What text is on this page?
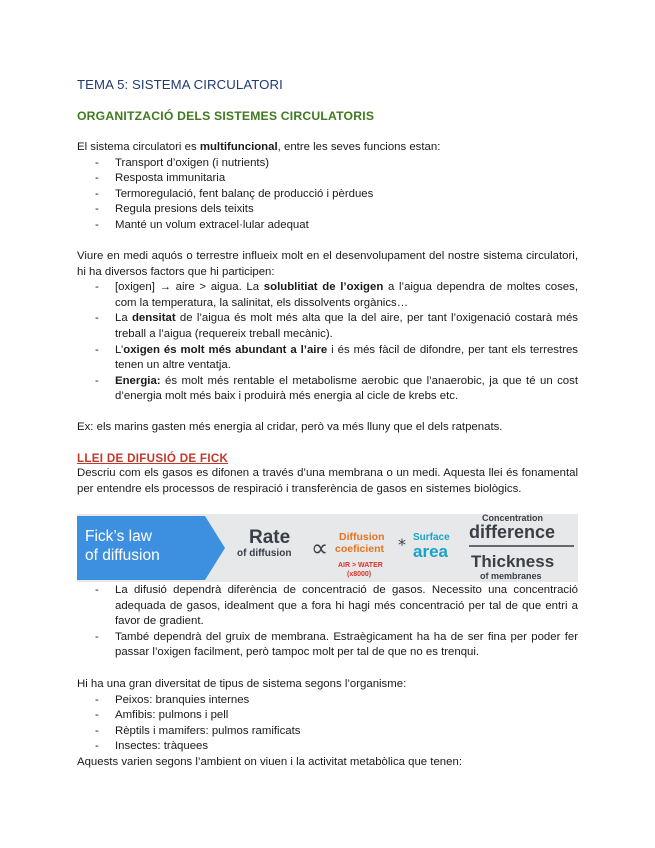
TEMA 5: SISTEMA CIRCULATORI
ORGANITZACIÓ DELS SISTEMES CIRCULATORIS

El sistema circulatori es multifuncional, entre les seves funcions estan:

- Transport d’oxigen (i nutrients)
- Resposta immunitaria
- Termoregulació, fent balanç de producció i pèrdues
- Regula presions dels teixits
- Manté un volum extracel·lular adequat

Viure en medi aquós o terrestre influeix molt en el desenvolupament del nostre sistema circulatori, hi ha diversos factors que hi participen:

- [oxigen] → aire > aigua. La solublitiat de l’oxigen a l’aigua dependra de moltes coses, com la temperatura, la salinitat, els dissolvents orgànics…
- La densitat de l’aigua és molt més alta que la del aire, per tant l’oxigenació costarà més treball a l’aigua (requereix treball mecànic).
- L’oxigen és molt més abundant a l’aire i és més fàcil de difondre, per tant els terrestres tenen un altre ventatja.
- Energia: és molt més rentable el metabolisme aerobic que l’anaerobic, ja que té un cost d’energia molt més baix i produirà més energia al cicle de krebs etc.
Ex: els marins gasten més energia al cridar, però va més lluny que el dels ratpenats.
LLEI DE DIFUSIÓ DE FICK

Descriu com els gasos es difonen a través d’una membrana o un medi. Aquesta llei és fonamental per entendre els processos de respiració i transferència de gasos en sistemes biològics.

Fick’s law
of diffusion
Rate
of diffusion ∝ Diffusion
coeficient
AIR > WATER
(x8000)
* Surface
area
Concentration
difference
Thickness
of membranes
- La difusió dependrà diferència de concentració de gasos. Necessito una concentració adequada de gasos, idealment que a fora hi hagi més concentració per tal de que entri a favor de gradient.
- També dependrà del gruix de membrana. Estraègicament ha ha de ser fina per poder fer passar l’oxigen facilment, però tampoc molt per tal de que no es trenqui.

Hi ha una gran diversitat de tipus de sistema segons l’organisme:

- Peixos: branquies internes
- Amfibis: pulmons i pell
- Rèptils i mamifers: pulmos ramificats
- Insectes: tràquees

Aquests varien segons l’ambient on viuen i la activitat metabòlica que tenen:
